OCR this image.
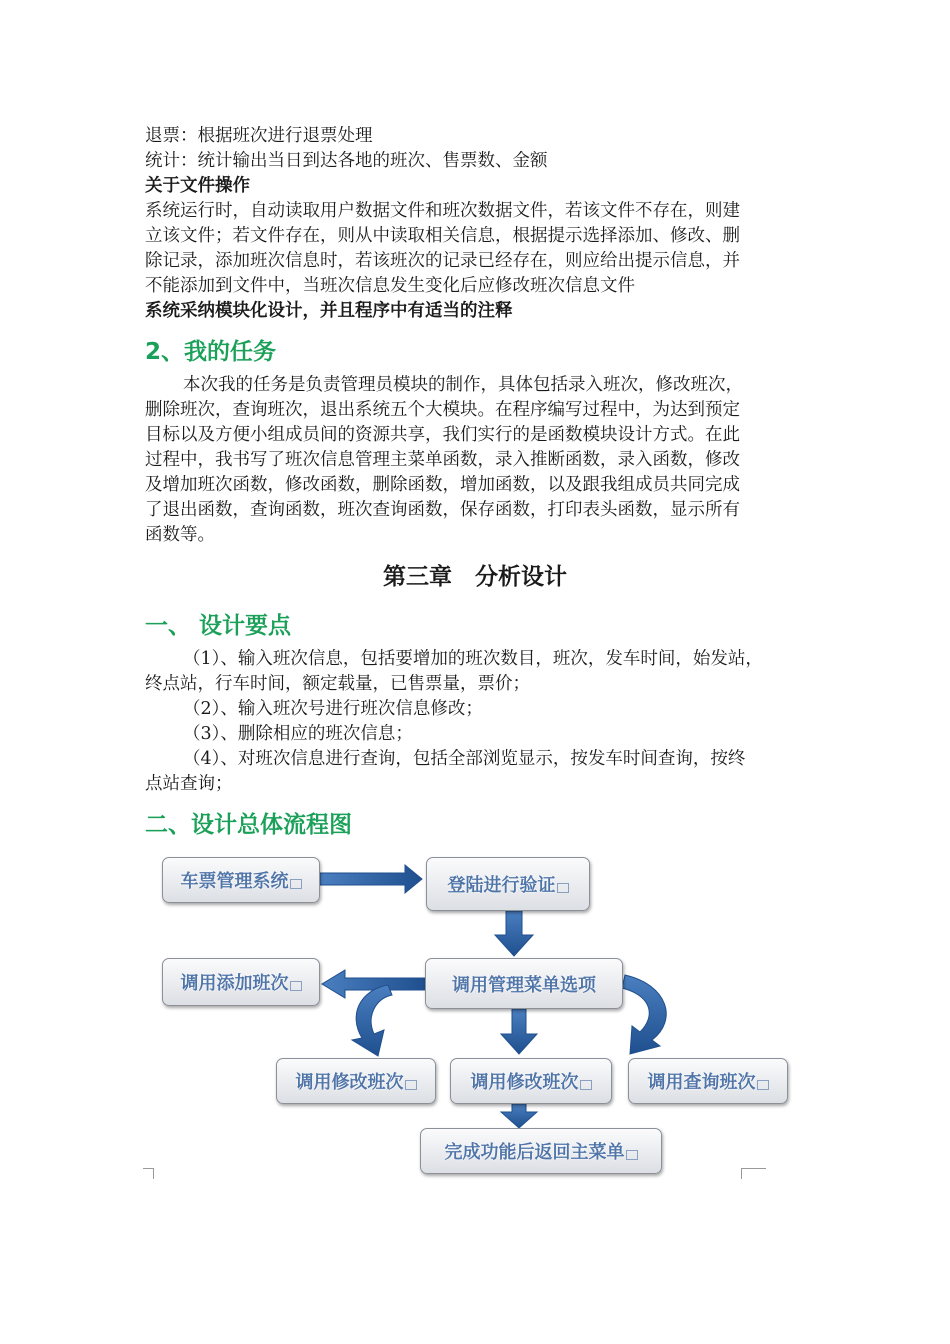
退票：根据班次进行退票处理
统计：统计输出当日到达各地的班次、售票数、金额
关于文件操作
系统运行时，自动读取用户数据文件和班次数据文件，若该文件不存在，则建
立该文件；若文件存在，则从中读取相关信息，根据提示选择添加、修改、删
除记录，添加班次信息时，若该班次的记录已经存在，则应给出提示信息，并
不能添加到文件中，当班次信息发生变化后应修改班次信息文件
系统采纳模块化设计，并且程序中有适当的注释
2、我的任务
本次我的任务是负责管理员模块的制作，具体包括录入班次，修改班次，
删除班次，查询班次，退出系统五个大模块。在程序编写过程中，为达到预定
目标以及方便小组成员间的资源共享，我们实行的是函数模块设计方式。在此
过程中，我书写了班次信息管理主菜单函数，录入推断函数，录入函数，修改
及增加班次函数，修改函数，删除函数，增加函数，以及跟我组成员共同完成
了退出函数，查询函数，班次查询函数，保存函数，打印表头函数，显示所有
函数等。
第三章　分析设计
一、 设计要点
（1）、输入班次信息，包括要增加的班次数目，班次，发车时间，始发站，
终点站，行车时间，额定载量，已售票量，票价；
（2）、输入班次号进行班次信息修改；
（3）、删除相应的班次信息；
（4）、对班次信息进行查询，包括全部浏览显示，按发车时间查询，按终
点站查询；
二、设计总体流程图
车票管理系统	登陆进行验证
调用管理菜单选项
调用添加班次
调用修改班次	调用修改班次	调用查询班次
完成功能后返回主菜单
